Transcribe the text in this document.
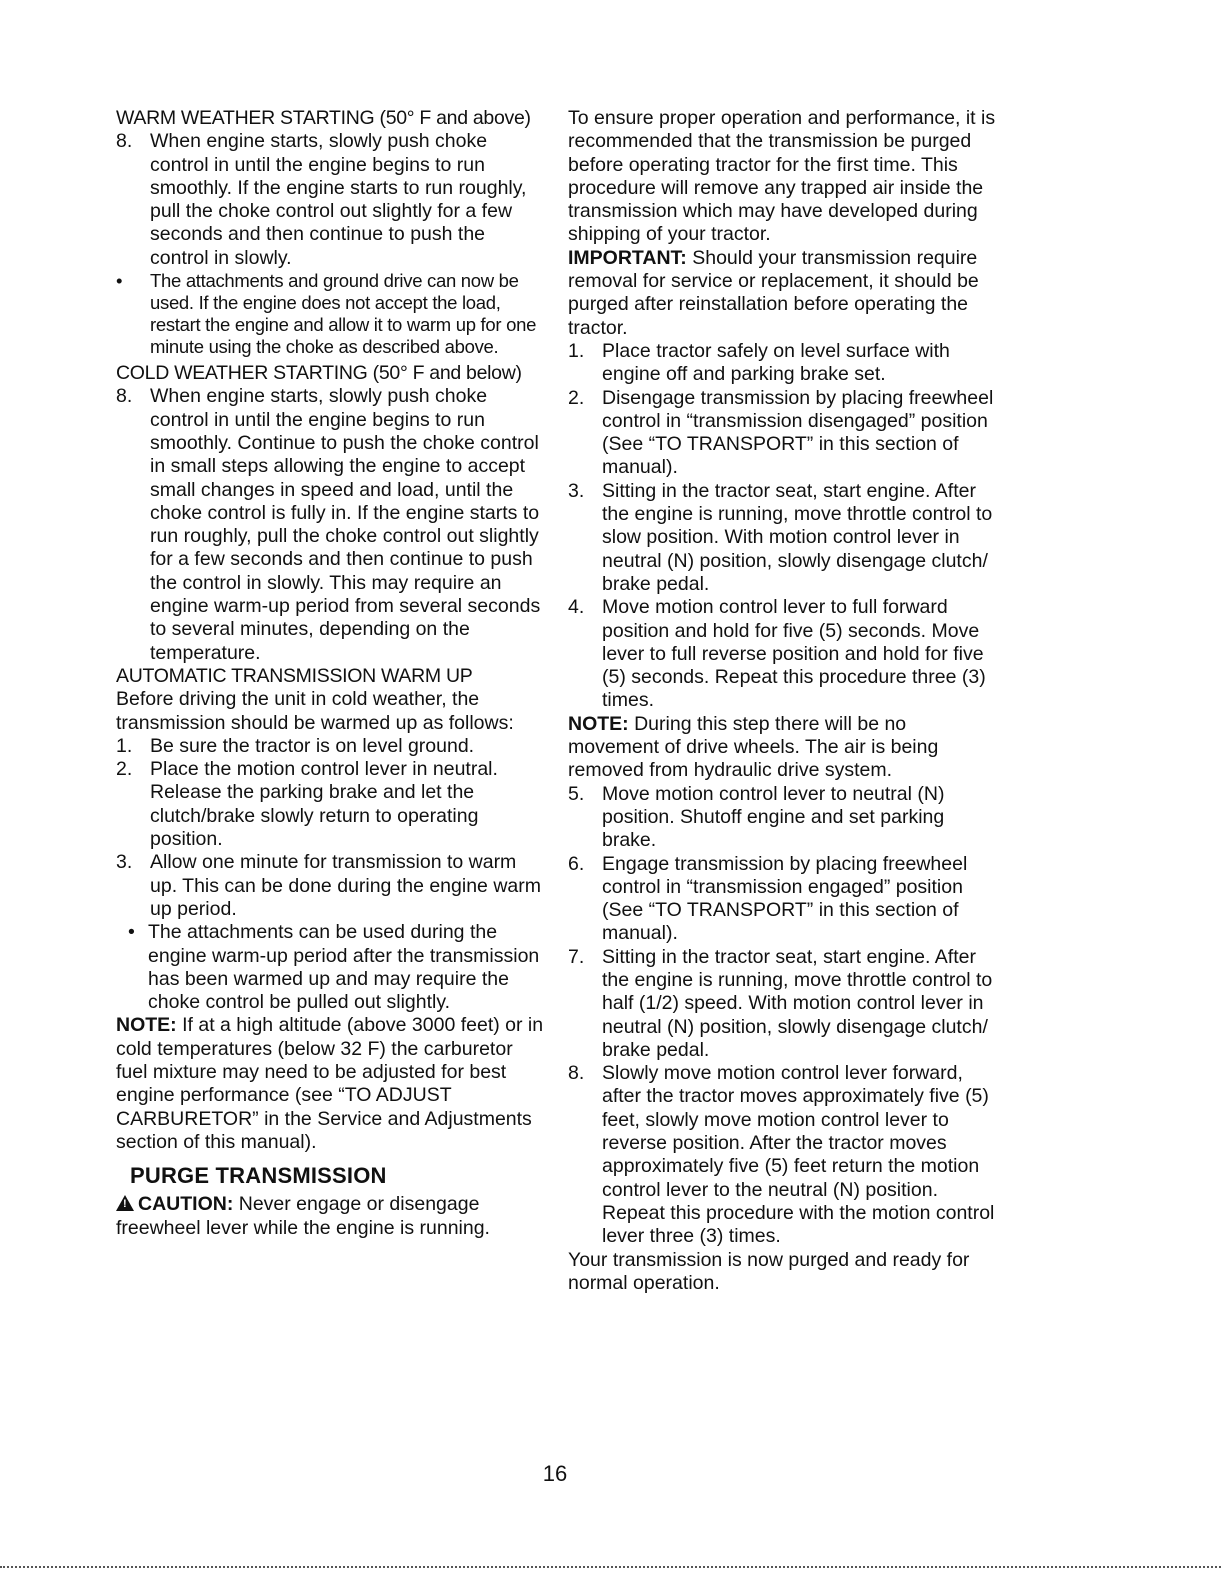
WARM WEATHER STARTING (50° F and above)

8. When engine starts, slowly push choke control in until the engine begins to run smoothly. If the engine starts to run roughly, pull the choke control out slightly for a few seconds and then continue to push the control in slowly.
•	The attachments and ground drive can now be used. If the engine does not accept the load, restart the engine and allow it to warm up for one minute using the choke as described above.

COLD WEATHER STARTING (50° F and below)

8. When engine starts, slowly push choke control in until the engine begins to run smoothly. Continue to push the choke control in small steps allowing the engine to accept small changes in speed and load, until the choke control is fully in. If the engine starts to run roughly, pull the choke control out slightly for a few seconds and then continue to push the control in slowly. This may require an engine warm-up period from several seconds to several minutes, depending on the temperature.

AUTOMATIC TRANSMISSION WARM UP

Before driving the unit in cold weather, the transmission should be warmed up as follows:

1. Be sure the tractor is on level ground.
2. Place the motion control lever in neutral. Release the parking brake and let the clutch/brake slowly return to operating position.
3. Allow one minute for transmission to warm up. This can be done during the engine warm up period.
• The attachments can be used during the engine warm-up period after the transmission has been warmed up and may require the choke control be pulled out slightly.

NOTE: If at a high altitude (above 3000 feet) or in cold temperatures (below 32 F) the carburetor fuel mixture may need to be adjusted for best engine performance (see “TO ADJUST CARBURETOR” in the Service and Adjustments section of this manual).

PURGE TRANSMISSION

!CAUTION: Never engage or disengage freewheel lever while the engine is running.

To ensure proper operation and performance, it is recommended that the transmission be purged before operating tractor for the first time. This procedure will remove any trapped air inside the transmission which may have developed during shipping of your tractor.

IMPORTANT: Should your transmission require removal for service or replacement, it should be purged after reinstallation before operating the tractor.

1. Place tractor safely on level surface with engine off and parking brake set.
2. Disengage transmission by placing freewheel control in “transmission disengaged” position (See “TO TRANSPORT” in this section of manual).
3. Sitting in the tractor seat, start engine. After the engine is running, move throttle control to slow position. With motion control lever in neutral (N) position, slowly disengage clutch/ brake pedal.
4. Move motion control lever to full forward position and hold for five (5) seconds. Move lever to full reverse position and hold for five (5) seconds. Repeat this procedure three (3) times.

NOTE: During this step there will be no movement of drive wheels. The air is being removed from hydraulic drive system.

5. Move motion control lever to neutral (N) position. Shutoff engine and set parking brake.
6. Engage transmission by placing freewheel control in “transmission engaged” position (See “TO TRANSPORT” in this section of manual).
7. Sitting in the tractor seat, start engine. After the engine is running, move throttle control to half (1/2) speed. With motion control lever in neutral (N) position, slowly disengage clutch/ brake pedal.
8. Slowly move motion control lever forward, after the tractor moves approximately five (5) feet, slowly move motion control lever to reverse position. After the tractor moves approximately five (5) feet return the motion control lever to the neutral (N) position. Repeat this procedure with the motion control lever three (3) times.

Your transmission is now purged and ready for normal operation.

16
